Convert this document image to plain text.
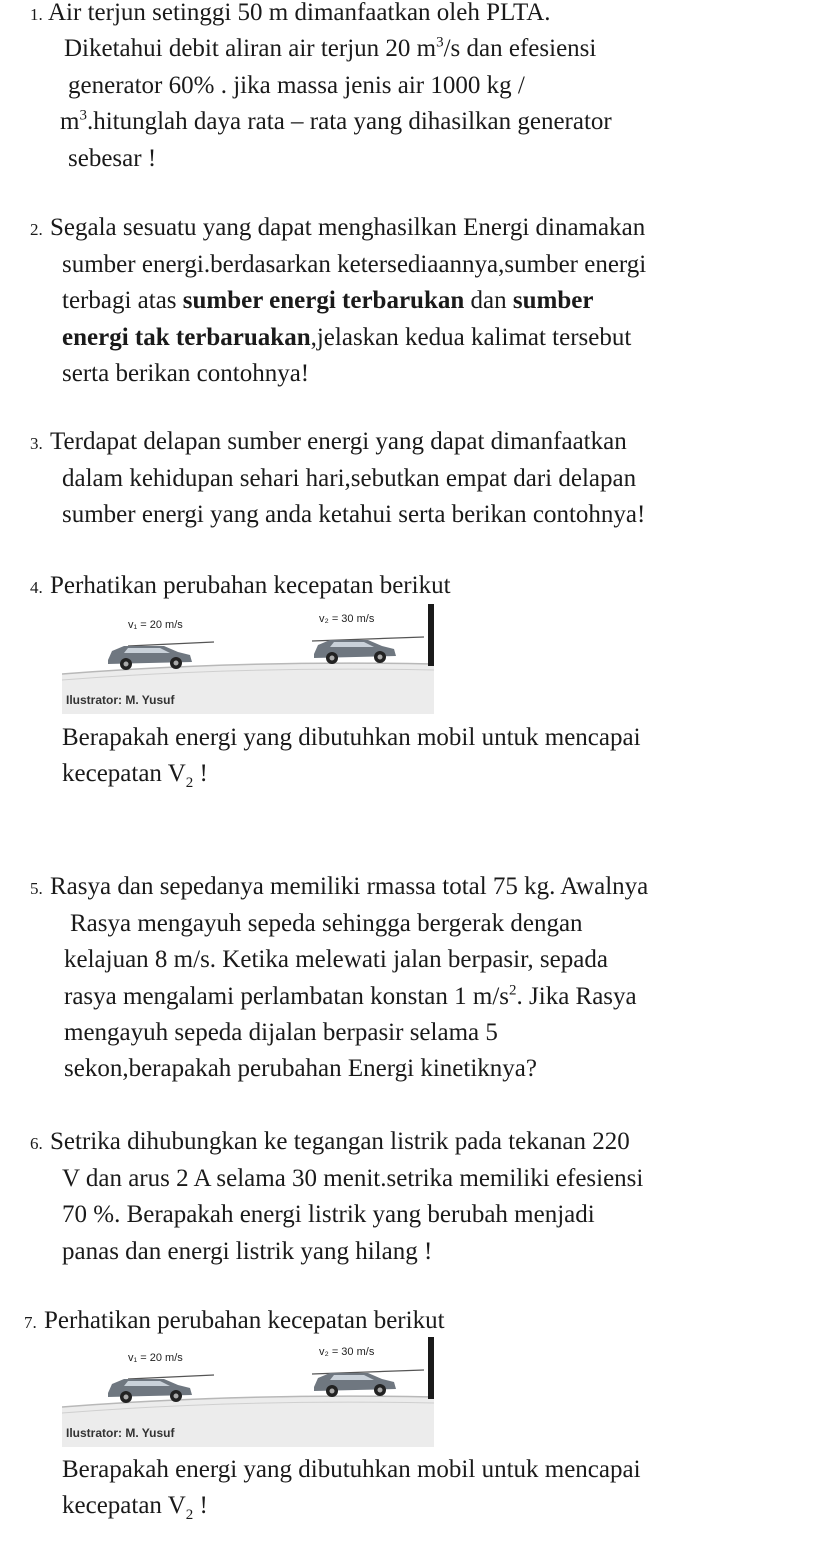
1. Air terjun setinggi 50 m dimanfaatkan oleh PLTA.
Diketahui debit aliran air terjun 20 $m^3/s$ dan efesiensi
generator 60% . jika massa jenis air 1000 kg /
$m^3.hitunglah$ daya rata – rata yang dihasilkan generator
sebesar !
2. Segala sesuatu yang dapat menghasilkan Energi dinamakan
sumber energi.berdasarkan ketersediaannya,sumber energi
terbagi atas sumber energi terbarukan dan sumber
energi tak terbaruakan,jelaskan kedua kalimat tersebut
serta berikan contohnya!
3. Terdapat delapan sumber energi yang dapat dimanfaatkan
dalam kehidupan sehari hari,sebutkan empat dari delapan
sumber energi yang anda ketahui serta berikan contohnya!
4. Perhatikan perubahan kecepatan berikut
v₁ = 20 m/s	v₂ = 30 m/s
Ilustrator: M. Yusuf
Berapakah energi yang dibutuhkan mobil untuk mencapai
kecepatan $V_2$ !
5. Rasya dan sepedanya memiliki rmassa total 75 kg. Awalnya
Rasya mengayuh sepeda sehingga bergerak dengan
kelajuan 8 m/s. Ketika melewati jalan berpasir, sepada
rasya mengalami perlambatan konstan 1 $m/s^2$. Jika Rasya
mengayuh sepeda dijalan berpasir selama 5
sekon,berapakah perubahan Energi kinetiknya?
6. Setrika dihubungkan ke tegangan listrik pada tekanan 220
V dan arus 2 A selama 30 menit.setrika memiliki efesiensi
70 %. Berapakah energi listrik yang berubah menjadi
panas dan energi listrik yang hilang !
7. Perhatikan perubahan kecepatan berikut
v₁ = 20 m/s	v₂ = 30 m/s
Ilustrator: M. Yusuf
Berapakah energi yang dibutuhkan mobil untuk mencapai
kecepatan $V_2$ !
